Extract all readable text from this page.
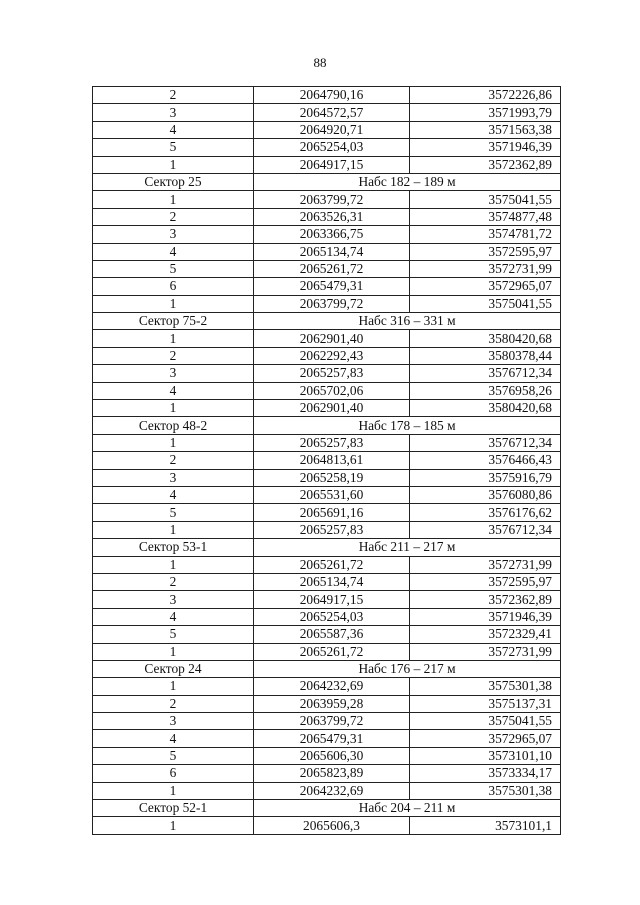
88
2	2064790,16	3572226,86
3	2064572,57	3571993,79
4	2064920,71	3571563,38
5	2065254,03	3571946,39
1	2064917,15	3572362,89
Сектор 25	Набс 182 – 189 м	
1	2063799,72	3575041,55
2	2063526,31	3574877,48
3	2063366,75	3574781,72
4	2065134,74	3572595,97
5	2065261,72	3572731,99
6	2065479,31	3572965,07
1	2063799,72	3575041,55
Сектор 75-2	Набс 316 – 331 м	
1	2062901,40	3580420,68
2	2062292,43	3580378,44
3	2065257,83	3576712,34
4	2065702,06	3576958,26
1	2062901,40	3580420,68
Сектор 48-2	Набс 178 – 185 м	
1	2065257,83	3576712,34
2	2064813,61	3576466,43
3	2065258,19	3575916,79
4	2065531,60	3576080,86
5	2065691,16	3576176,62
1	2065257,83	3576712,34
Сектор 53-1	Набс 211 – 217 м	
1	2065261,72	3572731,99
2	2065134,74	3572595,97
3	2064917,15	3572362,89
4	2065254,03	3571946,39
5	2065587,36	3572329,41
1	2065261,72	3572731,99
Сектор 24	Набс 176 – 217 м	
1	2064232,69	3575301,38
2	2063959,28	3575137,31
3	2063799,72	3575041,55
4	2065479,31	3572965,07
5	2065606,30	3573101,10
6	2065823,89	3573334,17
1	2064232,69	3575301,38
Сектор 52-1	Набс 204 – 211 м	
1	2065606,3	3573101,1
